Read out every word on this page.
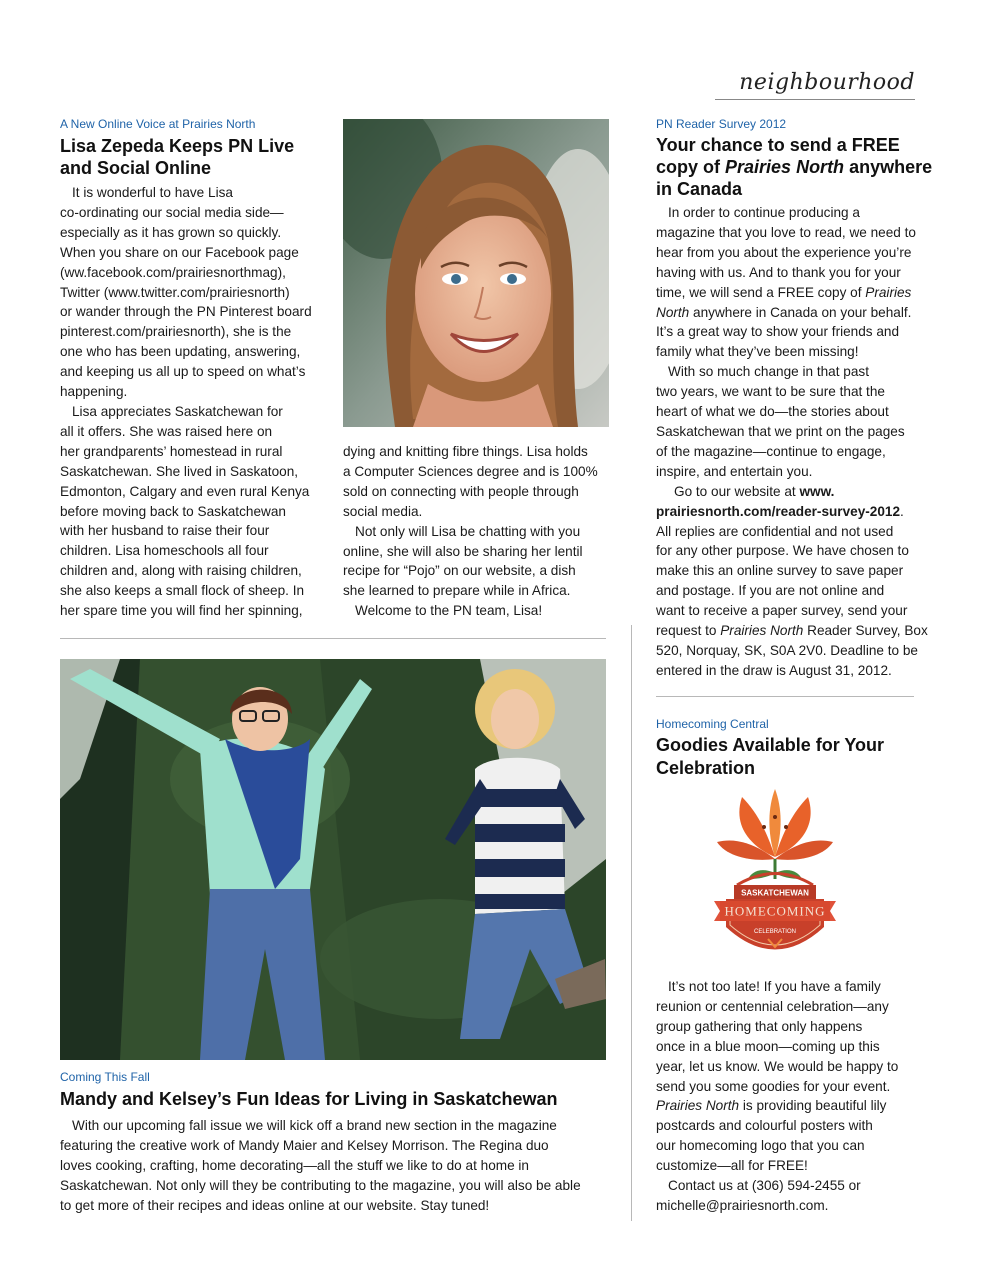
neighbourhood
A New Online Voice at Prairies North
Lisa Zepeda Keeps PN Live
and Social Online

It is wonderful to have Lisa

co-ordinating our social media side—

especially as it has grown so quickly.

When you share on our Facebook page

(ww.facebook.com/prairiesnorthmag),

Twitter (www.twitter.com/prairiesnorth)

or wander through the PN Pinterest board

pinterest.com/prairiesnorth), she is the

one who has been updating, answering,

and keeping us all up to speed on what’s

happening.

Lisa appreciates Saskatchewan for

all it offers. She was raised here on

her grandparents’ homestead in rural

Saskatchewan. She lived in Saskatoon,

Edmonton, Calgary and even rural Kenya

before moving back to Saskatchewan

with her husband to raise their four

children. Lisa homeschools all four

children and, along with raising children,

she also keeps a small flock of sheep. In

her spare time you will find her spinning,

dying and knitting fibre things. Lisa holds

a Computer Sciences degree and is 100%

sold on connecting with people through

social media.

Not only will Lisa be chatting with you

online, she will also be sharing her lentil

recipe for “Pojo” on our website, a dish

she learned to prepare while in Africa.

Welcome to the PN team, Lisa!

Coming This Fall
Mandy and Kelsey’s Fun Ideas for Living in Saskatchewan

With our upcoming fall issue we will kick off a brand new section in the magazine

featuring the creative work of Mandy Maier and Kelsey Morrison. The Regina duo

loves cooking, crafting, home decorating—all the stuff we like to do at home in

Saskatchewan. Not only will they be contributing to the magazine, you will also be able

to get more of their recipes and ideas online at our website. Stay tuned!

PN Reader Survey 2012
Your chance to send a FREE
copy of Prairies North anywhere
in Canada

In order to continue producing a

magazine that you love to read, we need to

hear from you about the experience you’re

having with us. And to thank you for your

time, we will send a FREE copy of Prairies

North anywhere in Canada on your behalf.

It’s a great way to show your friends and

family what they’ve been missing!

With so much change in that past

two years, we want to be sure that the

heart of what we do—the stories about

Saskatchewan that we print on the pages

of the magazine—continue to engage,

inspire, and entertain you.

Go to our website at www.

prairiesnorth.com/reader-survey-2012.

All replies are confidential and not used

for any other purpose. We have chosen to

make this an online survey to save paper

and postage. If you are not online and

want to receive a paper survey, send your

request to Prairies North Reader Survey, Box

520, Norquay, SK, S0A 2V0. Deadline to be

entered in the draw is August 31, 2012.

Homecoming Central
Goodies Available for Your
Celebration
SASKATCHEWAN
HOMECOMING
CELEBRATION

It’s not too late! If you have a family

reunion or centennial celebration—any

group gathering that only happens

once in a blue moon—coming up this

year, let us know. We would be happy to

send you some goodies for your event.

Prairies North is providing beautiful lily

postcards and colourful posters with

our homecoming logo that you can

customize—all for FREE!

Contact us at (306) 594-2455 or

michelle@prairiesnorth.com.
